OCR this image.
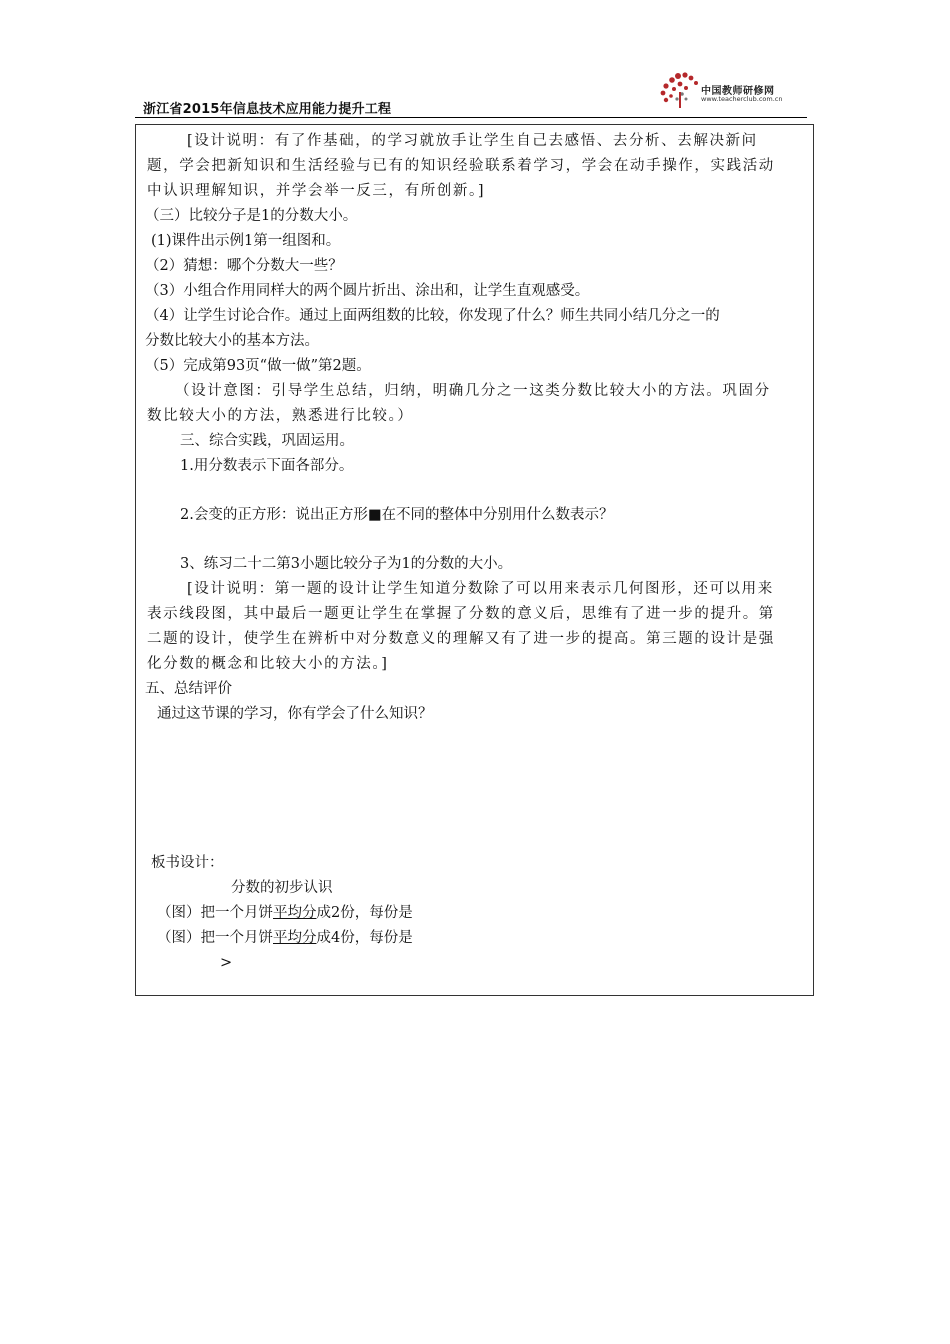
浙江省2015年信息技术应用能力提升工程
中国教师研修网
www.teacherclub.com.cn
[设计说明：有了作基础，的学习就放手让学生自己去感悟、去分析、去解决新问
题，学会把新知识和生活经验与已有的知识经验联系着学习，学会在动手操作，实践活动
中认识理解知识，并学会举一反三，有所创新。]
（三）比较分子是1的分数大小。
(1)课件出示例1第一组图和。
（2）猜想：哪个分数大一些？
（3）小组合作用同样大的两个圆片折出、涂出和，让学生直观感受。
（4）让学生讨论合作。通过上面两组数的比较，你发现了什么？师生共同小结几分之一的
分数比较大小的基本方法。
（5）完成第93页“做一做”第2题。
（设计意图：引导学生总结，归纳，明确几分之一这类分数比较大小的方法。巩固分
数比较大小的方法，熟悉进行比较。）
三、综合实践，巩固运用。
1.用分数表示下面各部分。
2.会变的正方形：说出正方形■在不同的整体中分别用什么数表示？
3、练习二十二第3小题比较分子为1的分数的大小。
[设计说明：第一题的设计让学生知道分数除了可以用来表示几何图形，还可以用来
表示线段图，其中最后一题更让学生在掌握了分数的意义后，思维有了进一步的提升。第
二题的设计，使学生在辨析中对分数意义的理解又有了进一步的提高。第三题的设计是强
化分数的概念和比较大小的方法。]
五、总结评价
通过这节课的学习，你有学会了什么知识？
板书设计：
分数的初步认识
（图）把一个月饼平均分成2份，每份是
（图）把一个月饼平均分成4份，每份是
>
